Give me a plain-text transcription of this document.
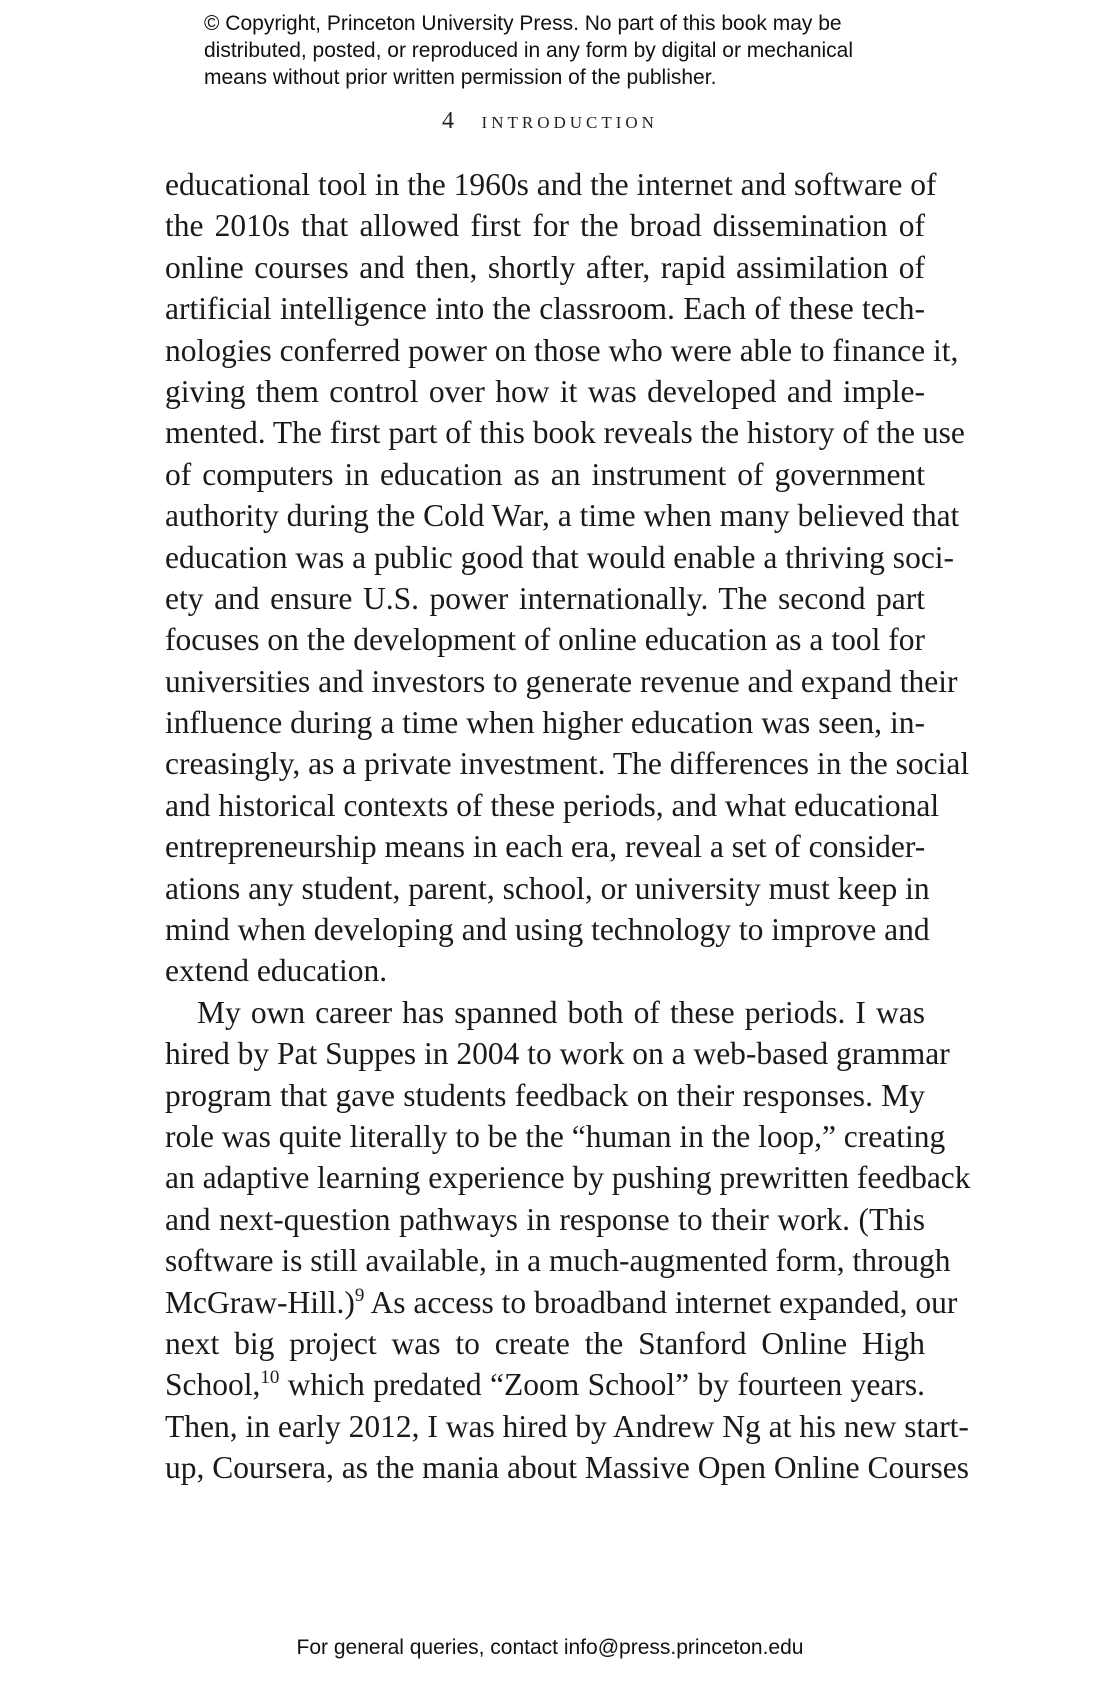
© Copyright, Princeton University Press. No part of this book may be
distributed, posted, or reproduced in any form by digital or mechanical
means without prior written permission of the publisher.
4 INTRODUCTION
educational tool in the 1960s and the internet and software of
the 2010s that allowed first for the broad dissemination of
online courses and then, shortly after, rapid assimilation of
artificial intelligence into the classroom. Each of these tech-
nologies conferred power on those who were able to finance it,
giving them control over how it was developed and imple-
mented. The first part of this book reveals the history of the use
of computers in education as an instrument of government
authority during the Cold War, a time when many believed that
education was a public good that would enable a thriving soci-
ety and ensure U.S. power internationally. The second part
focuses on the development of online education as a tool for
universities and investors to generate revenue and expand their
influence during a time when higher education was seen, in-
creasingly, as a private investment. The differences in the social
and historical contexts of these periods, and what educational
entrepreneurship means in each era, reveal a set of consider-
ations any student, parent, school, or university must keep in
mind when developing and using technology to improve and
extend education.
My own career has spanned both of these periods. I was
hired by Pat Suppes in 2004 to work on a web-based grammar
program that gave students feedback on their responses. My
role was quite literally to be the “human in the loop,” creating
an adaptive learning experience by pushing prewritten feedback
and next-question pathways in response to their work. (This
software is still available, in a much-augmented form, through
McGraw-Hill.)$^9$ As access to broadband internet expanded, our
next big project was to create the Stanford Online High
School,$^{10}$ which predated “Zoom School” by fourteen years.
Then, in early 2012, I was hired by Andrew Ng at his new start-
up, Coursera, as the mania about Massive Open Online Courses
For general queries, contact info@press.princeton.edu
